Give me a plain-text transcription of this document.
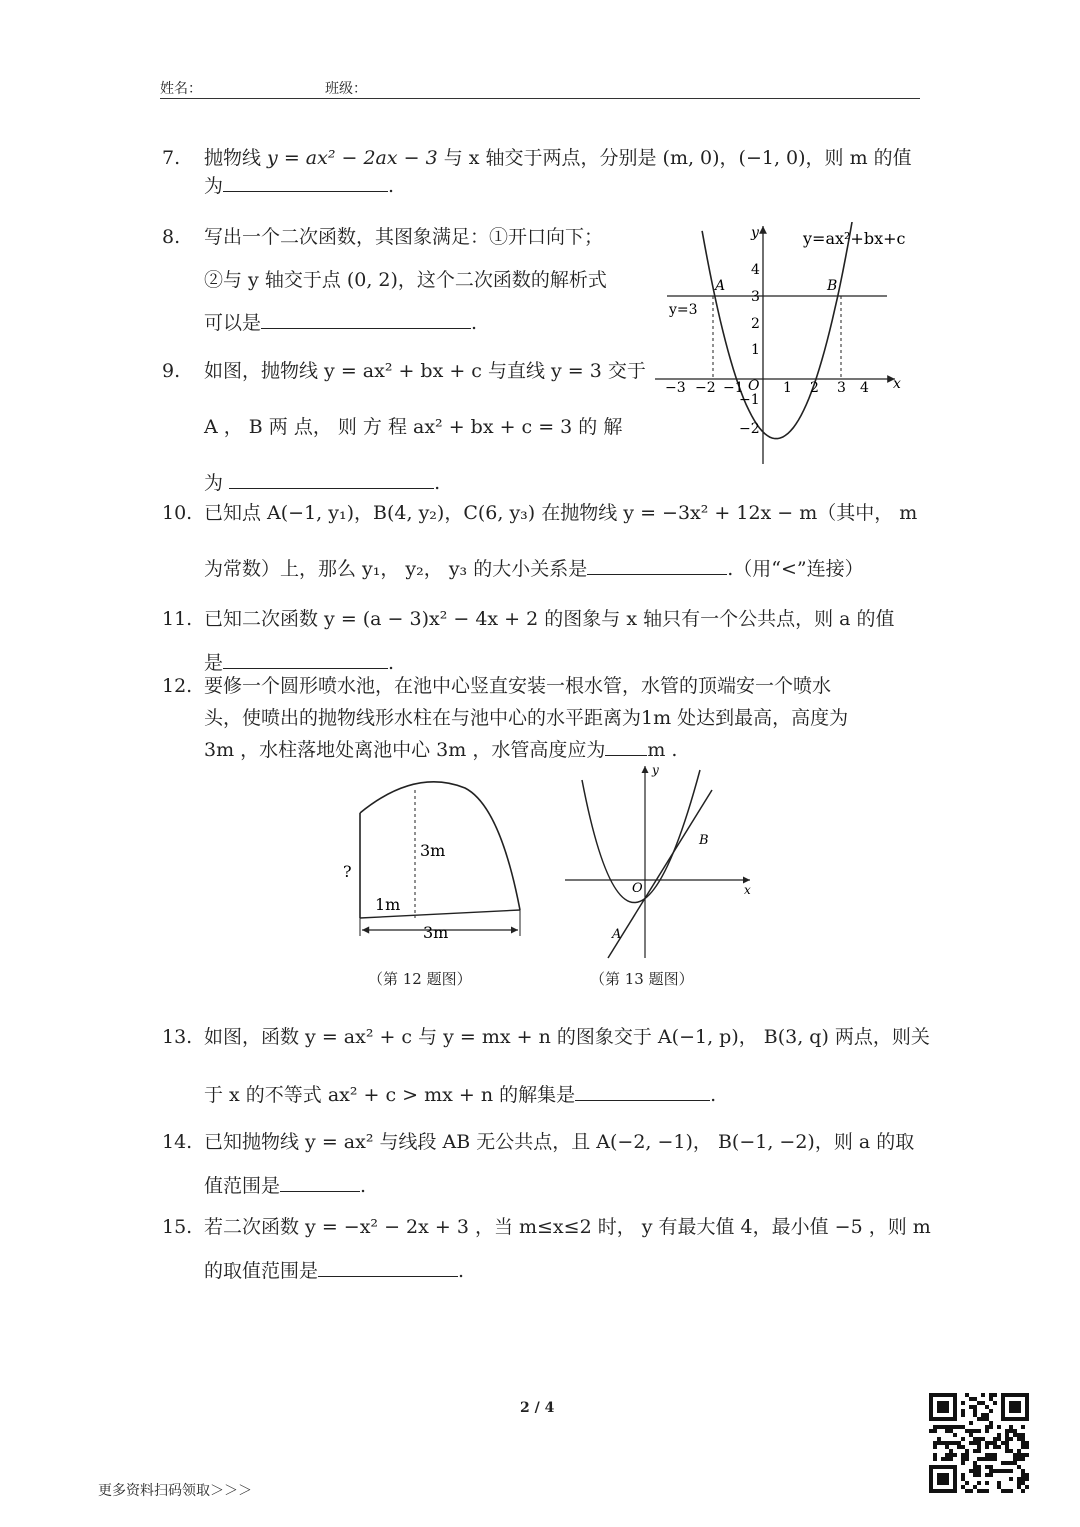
姓名：	班级：
7. 抛物线 y = ax² − 2ax − 3 与 x 轴交于两点，分别是 (m, 0)，(−1, 0)，则 m 的值
为	.
8. 写出一个二次函数，其图象满足：①开口向下；
②与 y 轴交于点 (0, 2)，这个二次函数的解析式
可以是	.
9. 如图，抛物线 y = ax² + bx + c 与直线 y = 3 交于
A ， B 两 点， 则 方 程 ax² + bx + c = 3 的 解
为	.
y
x
y=ax²+bx+c
y=3
A	B
O
−3 −2 −1	1 2 3 4
4
3
2
1
−1
−2
10. 已知点 A(−1, y₁)，B(4, y₂)，C(6, y₃) 在抛物线 y = −3x² + 12x − m（其中， m
为常数）上，那么 y₁， y₂， y₃ 的大小关系是	.（用“<”连接）
11. 已知二次函数 y = (a − 3)x² − 4x + 2 的图象与 x 轴只有一个公共点，则 a 的值
是	.
12. 要修一个圆形喷水池，在池中心竖直安装一根水管，水管的顶端安一个喷水
头，使喷出的抛物线形水柱在与池中心的水平距离为1m 处达到最高，高度为
3m ，水柱落地处离池中心 3m ，水管高度应为 m .
3m
?
1m
3m
（第 12 题图）
y
x
O
A
B
（第 13 题图）
13. 如图，函数 y = ax² + c 与 y = mx + n 的图象交于 A(−1, p)， B(3, q) 两点，则关
于 x 的不等式 ax² + c > mx + n 的解集是	.
14. 已知抛物线 y = ax² 与线段 AB 无公共点，且 A(−2, −1)， B(−1, −2)，则 a 的取
值范围是	.
15. 若二次函数 y = −x² − 2x + 3 ，当 m≤x≤2 时， y 有最大值 4，最小值 −5 ，则 m
的取值范围是	.
2 / 4
更多资料扫码领取＞＞＞
